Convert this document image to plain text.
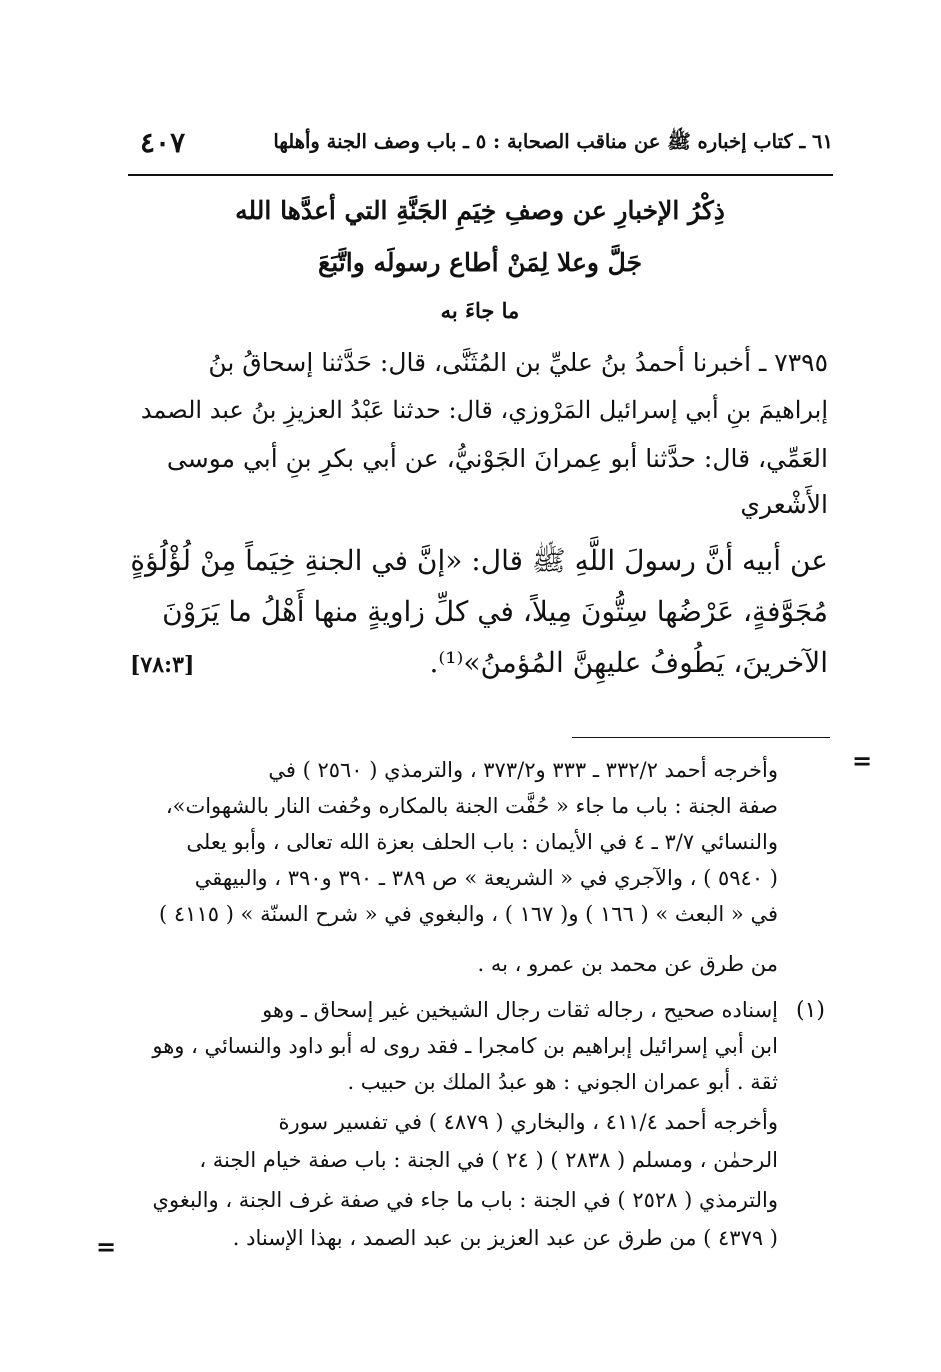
٦١ ـ كتاب إخباره ﷺ عن مناقب الصحابة : ٥ ـ باب وصف الجنة وأهلها
٤٠٧
ذِكْرُ الإخبارِ عن وصفِ خِيَمِ الجَنَّةِ التي أعدَّها الله
جَلَّ وعلا لِمَنْ أطاع رسولَه واتَّبَعَ
ما جاءَ به
٧٣٩٥ ـ أخبرنا أحمدُ بنُ عليِّ بن المُثَنَّى، قال: حَدَّثنا إسحاقُ بنُ
إبراهيمَ بنِ أبي إسرائيل المَرْوزي، قال: حدثنا عَبْدُ العزيزِ بنُ عبد الصمد
العَمِّي، قال: حدَّثنا أبو عِمرانَ الجَوْنيُّ، عن أبي بكرِ بنِ أبي موسى
الأَشْعري
عن أبيه أنَّ رسولَ اللَّهِ ﷺ قال: «إنَّ في الجنةِ خِيَماً مِنْ لُؤْلُؤةٍ
مُجَوَّفةٍ، عَرْضُها سِتُّونَ مِيلاً، في كلِّ زاويةٍ منها أَهْلُ ما يَرَوْنَ
الآخرينَ، يَطُوفُ عليهِنَّ المُؤمنُ»⁽¹⁾.
[٧٨:٣]
=
وأخرجه أحمد ٣٣٢/٢ ـ ٣٣٣ و٣٧٣/٢ ، والترمذي ( ٢٥٦٠ ) في
صفة الجنة : باب ما جاء « حُفَّت الجنة بالمكاره وحُفت النار بالشهوات»،
والنسائي ٣/٧ ـ ٤ في الأيمان : باب الحلف بعزة الله تعالى ، وأبو يعلى
( ٥٩٤٠ ) ، والآجري في « الشريعة » ص ٣٨٩ ـ ٣٩٠ و٣٩٠ ، والبيهقي
في « البعث » ( ١٦٦ ) و( ١٦٧ ) ، والبغوي في « شرح السنّة » ( ٤١١٥ )
من طرق عن محمد بن عمرو ، به .
(١)
إسناده صحيح ، رجاله ثقات رجال الشيخين غير إسحاق ـ وهو
ابن أبي إسرائيل إبراهيم بن كامجرا ـ فقد روى له أبو داود والنسائي ، وهو
ثقة . أبو عمران الجوني : هو عبدُ الملك بن حبيب .
وأخرجه أحمد ٤١١/٤ ، والبخاري ( ٤٨٧٩ ) في تفسير سورة
الرحمٰن ، ومسلم ( ٢٨٣٨ ) ( ٢٤ ) في الجنة : باب صفة خيام الجنة ،
والترمذي ( ٢٥٢٨ ) في الجنة : باب ما جاء في صفة غرف الجنة ، والبغوي
( ٤٣٧٩ ) من طرق عن عبد العزيز بن عبد الصمد ، بهذا الإسناد .
=
